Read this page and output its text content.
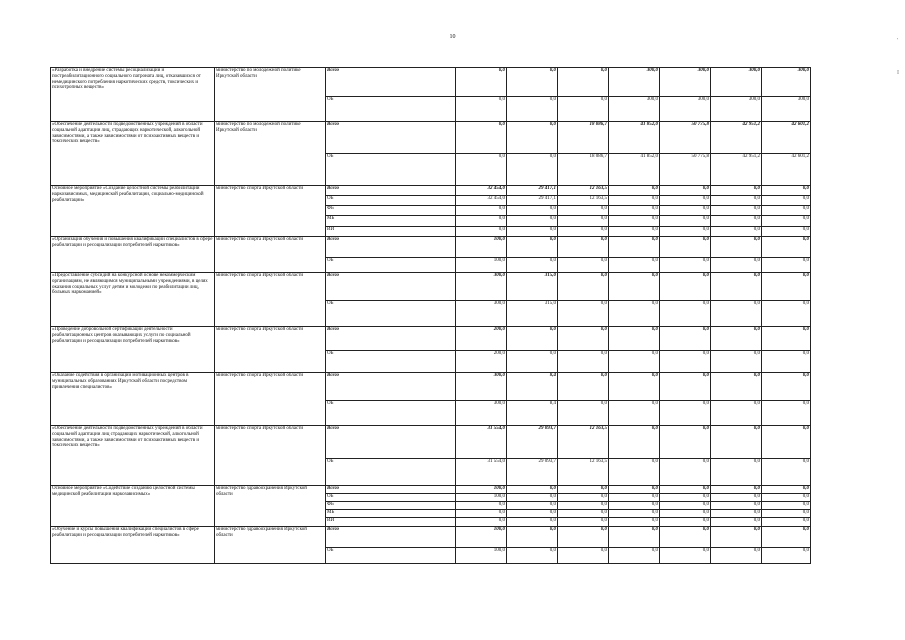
10
'
I
«Разработка и внедрение системы ресоциализации и постреабилитационного социального патроната лиц, отказавшихся от немедицинского потребления наркотических средств, токсических и психотропных веществ»	министерство по молодежной политике Иркутской области	Всего	0,0	0,0	0,0	300,0	300,0	300,0	300,0
		ОБ	0,0	0,0	0,0	300,0	300,0	300,0	300,0
«Обеспечение деятельности подведомственных учреждений в области социальной адаптации лиц, страдающих наркотической, алкогольной зависимостями, а также зависимостями от психоактивных веществ и токсических веществ»	министерство по молодежной политике Иркутской области	Всего	0,0	0,0	18 086,7	41 852,0	50 775,8	42 951,2	42 601,2
		ОБ	0,0	0,0	18 086,7	41 852,0	50 775,8	42 951,2	42 601,2
Основное мероприятие «Создание целостной системы реабилитации наркозависимых, медицинской реабилитации, социально-медицинской реабилитации»	министерство спорта Иркутской области	Всего	32 454,0	29 417,1	12 163,5	0,0	0,0	0,0	0,0
		ОБ	32 454,0	29 417,1	12 163,5	0,0	0,0	0,0	0,0
		ФБ	0,0	0,0	0,0	0,0	0,0	0,0	0,0
		МБ	0,0	0,0	0,0	0,0	0,0	0,0	0,0
		ИИ	0,0	0,0	0,0	0,0	0,0	0,0	0,0
«Организация обучения и повышения квалификации специалистов в сфере реабилитации и ресоциализации потребителей наркотиков»	министерство спорта Иркутской области	Всего	100,0	0,0	0,0	0,0	0,0	0,0	0,0
		ОБ	100,0	0,0	0,0	0,0	0,0	0,0	0,0
«Предоставление субсидий на конкурсной основе некоммерческим организациям, не являющимся муниципальными учреждениями, в целях оказания социальных услуг детям и молодежи по реабилитации лиц, больных наркоманией»	министерство спорта Иркутской области	Всего	300,0	315,0	0,0	0,0	0,0	0,0	0,0
		ОБ	300,0	315,0	0,0	0,0	0,0	0,0	0,0
«Проведение добровольной сертификации деятельности реабилитационных центров оказывающих услуги по социальной реабилитации и ресоциализации потребителей наркотиков»	министерство спорта Иркутской области	Всего	200,0	0,0	0,0	0,0	0,0	0,0	0,0
		ОБ	200,0	0,0	0,0	0,0	0,0	0,0	0,0
«Оказание содействия в организации мотивационных центров в муниципальных образованиях Иркутской области посредством привлечения специалистов»	министерство спорта Иркутской области	Всего	300,0	8,4	0,0	0,0	0,0	0,0	0,0
		ОБ	300,0	8,4	0,0	0,0	0,0	0,0	0,0
«Обеспечение деятельности подведомственных учреждений в области социальной адаптации лиц страдающих наркотической, алкогольной зависимостями, а также зависимостями от психоактивных веществ и токсических веществ»	министерство спорта Иркутской области	Всего	31 554,0	29 093,7	12 163,5	0,0	0,0	0,0	0,0
		ОБ	31 554,0	29 093,7	12 163,5	0,0	0,0	0,0	0,0
Основное мероприятие «Содействие созданию целостной системы медицинской реабилитации наркозависимых»	министерство здравоохранения Иркутской области	Всего	100,0	0,0	0,0	0,0	0,0	0,0	0,0
		ОБ	100,0	0,0	0,0	0,0	0,0	0,0	0,0
		ФБ	0,0	0,0	0,0	0,0	0,0	0,0	0,0
		МБ	0,0	0,0	0,0	0,0	0,0	0,0	0,0
		ИИ	0,0	0,0	0,0	0,0	0,0	0,0	0,0
«Обучение и курсы повышения квалификации специалистов в сфере реабилитации и ресоциализации потребителей наркотиков»	министерство здравоохранения Иркутской области	Всего	100,0	0,0	0,0	0,0	0,0	0,0	0,0
		ОБ	100,0	0,0	0,0	0,0	0,0	0,0	0,0
